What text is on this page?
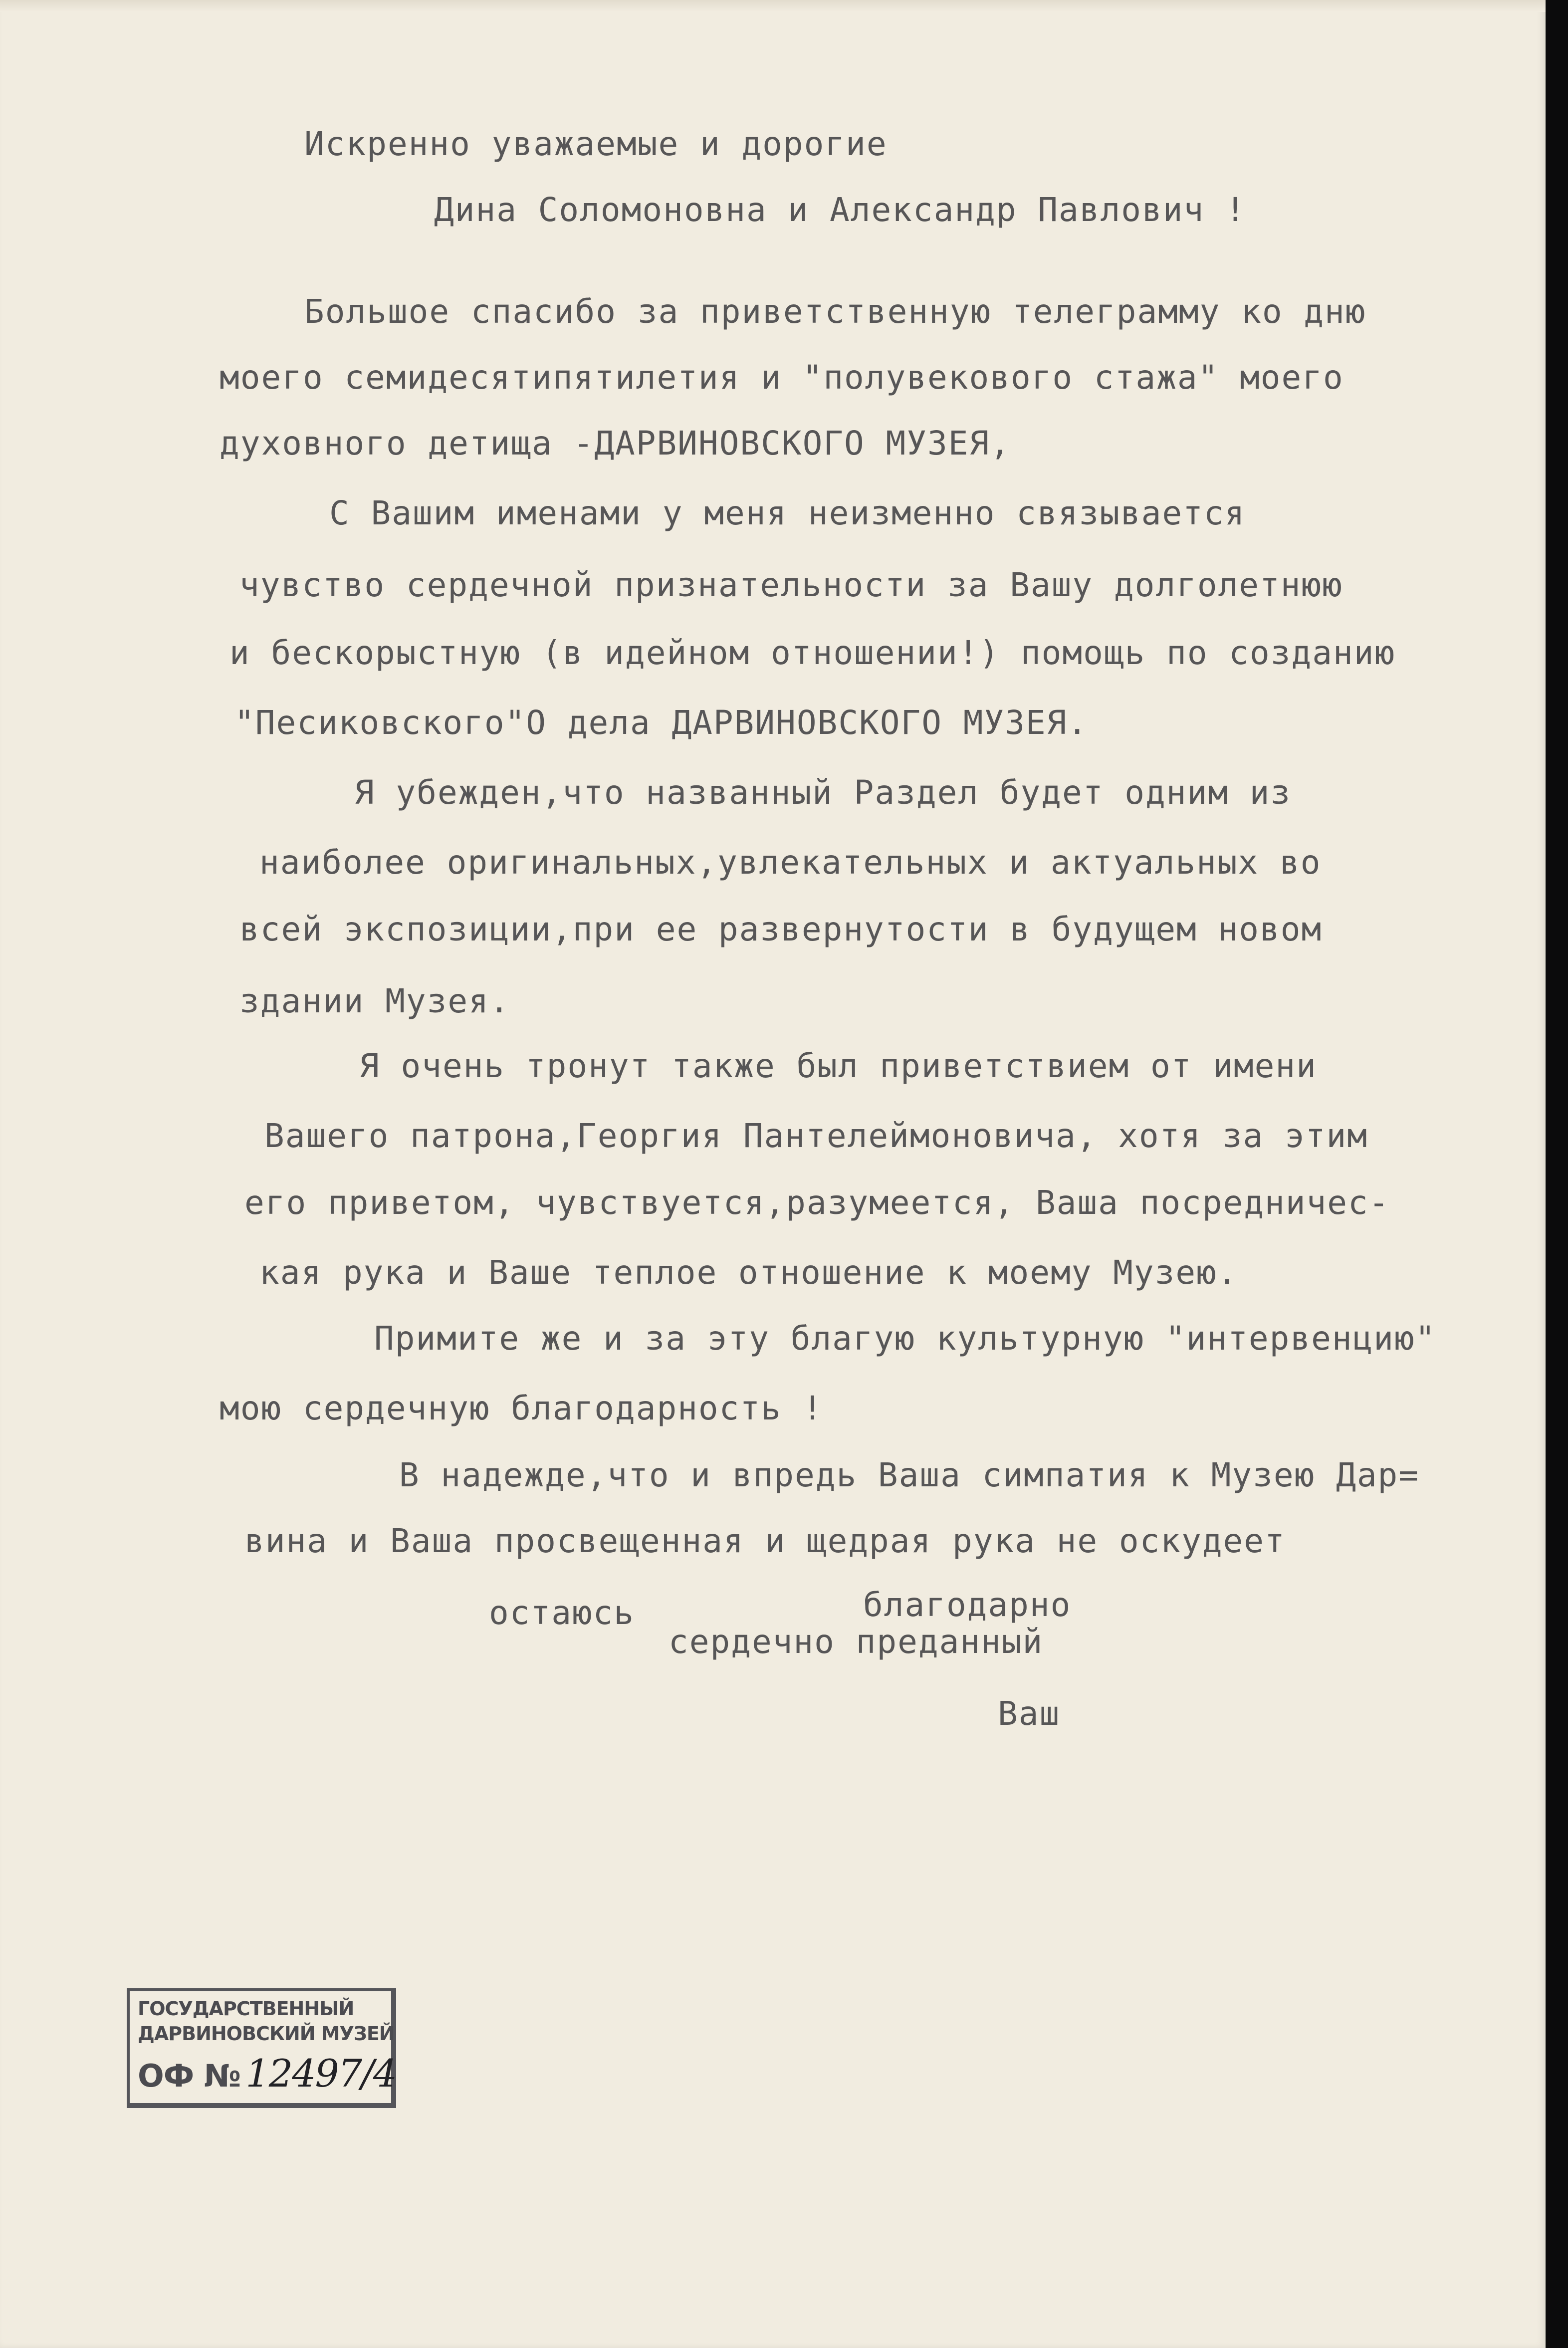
Искренно уважаемые и дорогие
Дина Соломоновна и Александр Павлович !
Большое спасибо за приветственную телеграмму ко дню
моего семидесятипятилетия и "полувекового стажа" моего
духовного детища -ДАРВИНОВСКОГО МУЗЕЯ,
С Вашим именами у меня неизменно связывается
чувство сердечной признательности за Вашу долголетнюю
и бескорыстную (в идейном отношении!) помощь по созданию
"Песиковского"О дела ДАРВИНОВСКОГО МУЗЕЯ.
Я убежден,что названный Раздел будет одним из
наиболее оригинальных,увлекательных и актуальных во
всей экспозиции,при ее развернутости в будущем новом
здании Музея.
Я очень тронут также был приветствием от имени
Вашего патрона,Георгия Пантелеймоновича, хотя за этим
его приветом, чувствуется,разумеется, Ваша посредничес-
кая рука и Ваше теплое отношение к моему Музею.
Примите же и за эту благую культурную "интервенцию"
мою сердечную благодарность !
В надежде,что и впредь Ваша симпатия к Музею Дар=
вина и Ваша просвещенная и щедрая рука не оскудеет
остаюсь	благодарно
сердечно преданный
Ваш
ГОСУДАРСТВЕННЫЙ
ДАРВИНОВСКИЙ МУЗЕЙ
ОФ № 12497/4
